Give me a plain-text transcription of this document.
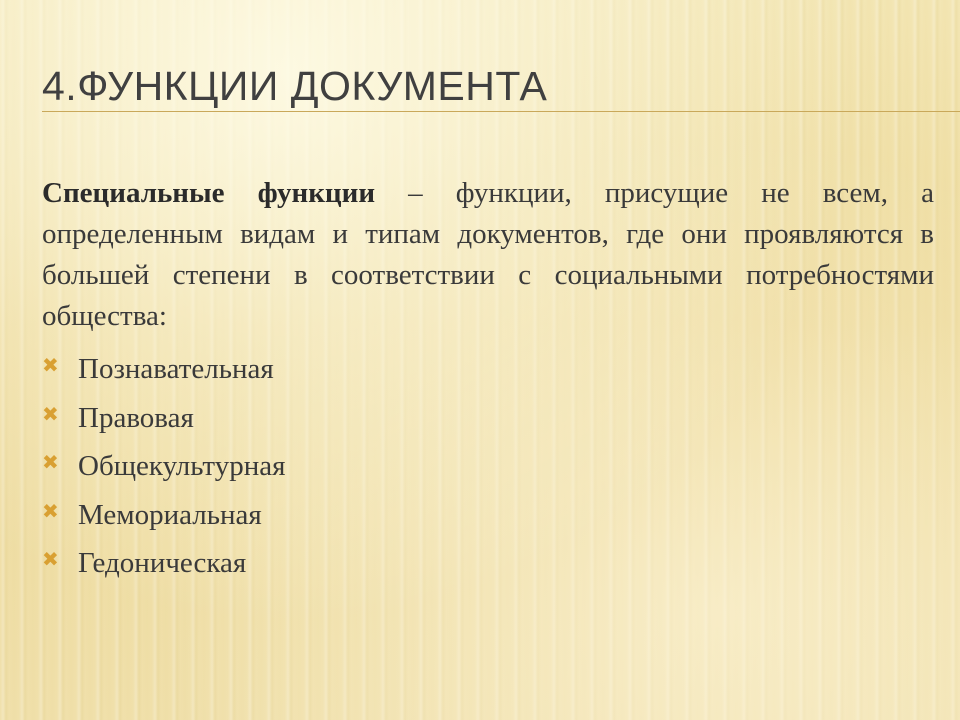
4.ФУНКЦИИ ДОКУМЕНТА

Специальные функции – функции, присущие не всем, а определенным видам и типам документов, где они проявляются в большей степени в соответствии с социальными потребностями общества:

✖ Познавательная
✖ Правовая
✖ Общекультурная
✖ Мемориальная
✖ Гедоническая
